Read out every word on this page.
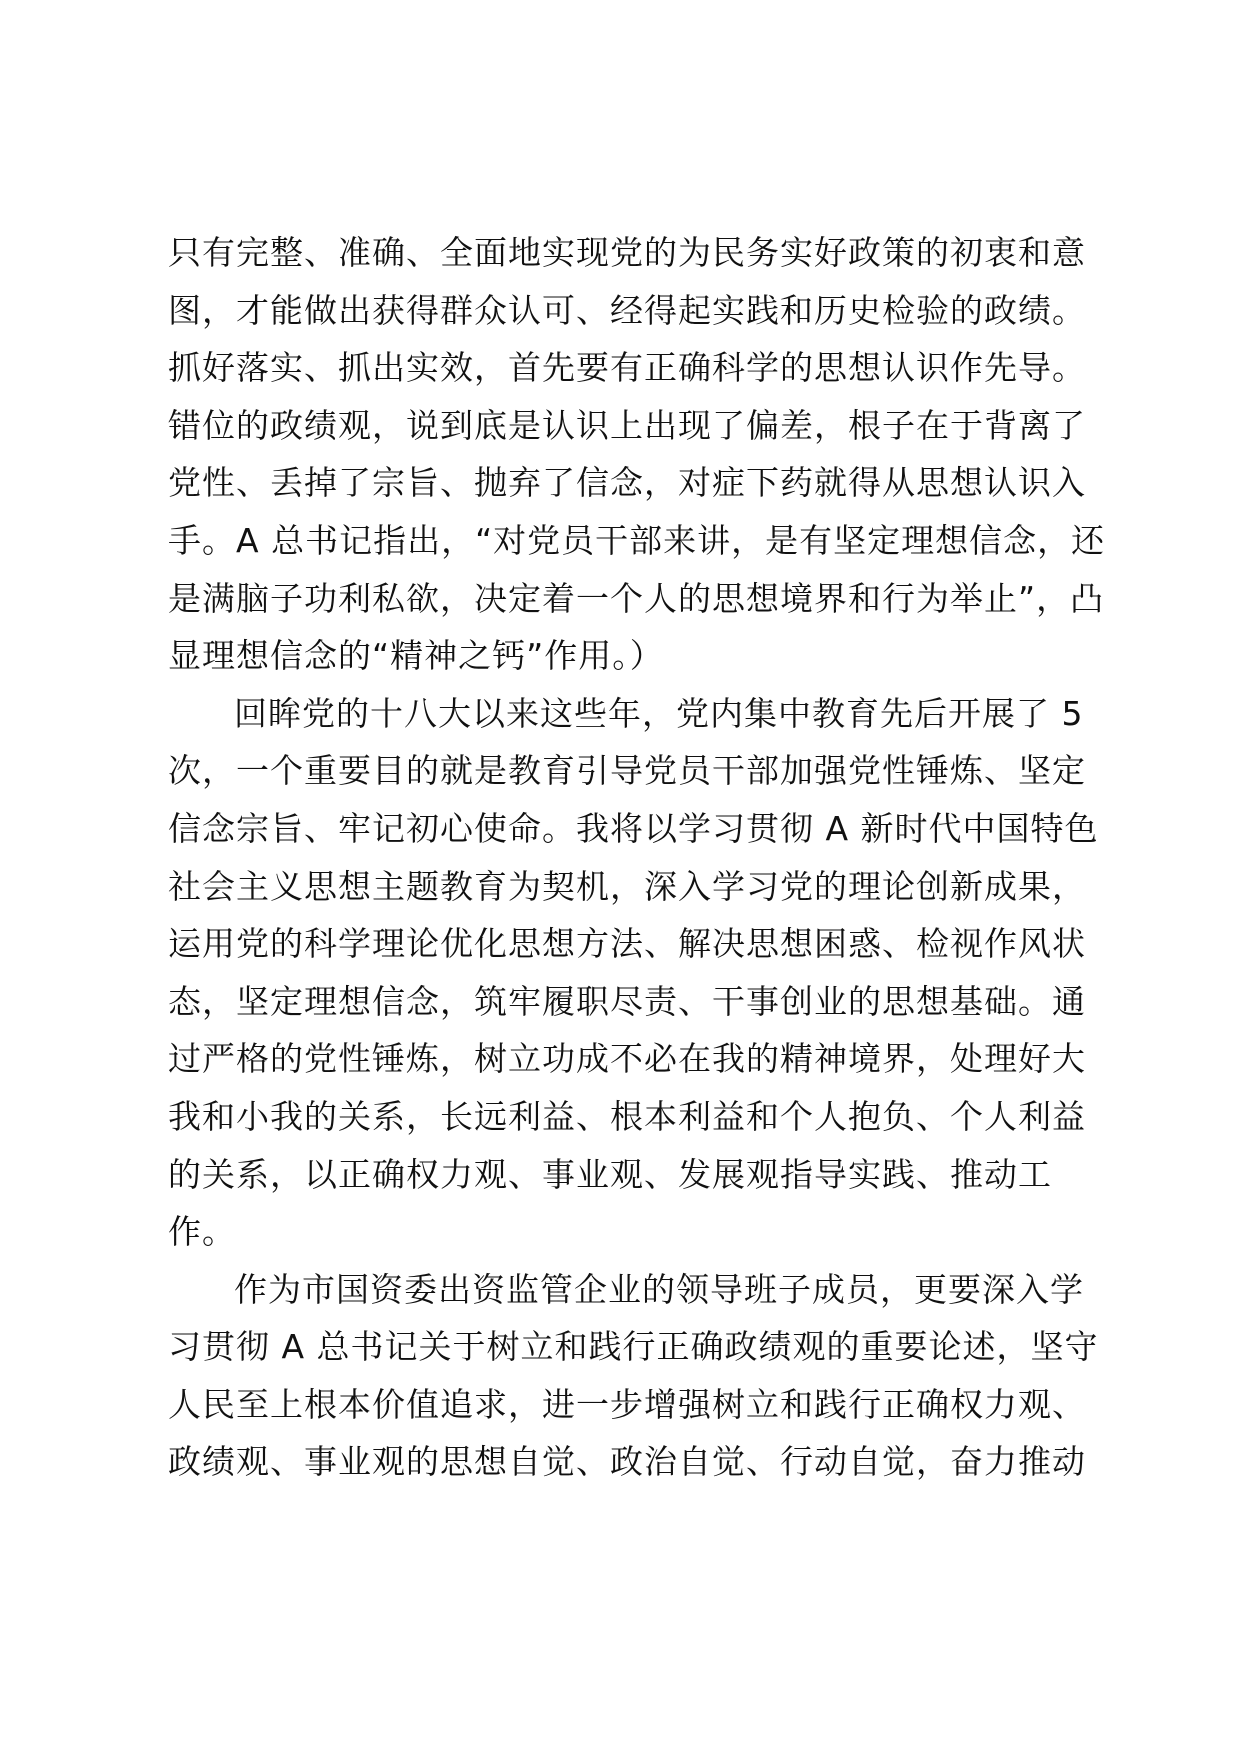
只有完整、准确、全面地实现党的为民务实好政策的初衷和意
图，才能做出获得群众认可、经得起实践和历史检验的政绩。
抓好落实、抓出实效，首先要有正确科学的思想认识作先导。
错位的政绩观，说到底是认识上出现了偏差，根子在于背离了
党性、丢掉了宗旨、抛弃了信念，对症下药就得从思想认识入
手。A 总书记指出，“对党员干部来讲，是有坚定理想信念，还
是满脑子功利私欲，决定着一个人的思想境界和行为举止”，凸
显理想信念的“精神之钙”作用。）
回眸党的十八大以来这些年，党内集中教育先后开展了 5
次，一个重要目的就是教育引导党员干部加强党性锤炼、坚定
信念宗旨、牢记初心使命。我将以学习贯彻 A 新时代中国特色
社会主义思想主题教育为契机，深入学习党的理论创新成果，
运用党的科学理论优化思想方法、解决思想困惑、检视作风状
态，坚定理想信念，筑牢履职尽责、干事创业的思想基础。通
过严格的党性锤炼，树立功成不必在我的精神境界，处理好大
我和小我的关系，长远利益、根本利益和个人抱负、个人利益
的关系，以正确权力观、事业观、发展观指导实践、推动工
作。
作为市国资委出资监管企业的领导班子成员，更要深入学
习贯彻 A 总书记关于树立和践行正确政绩观的重要论述，坚守
人民至上根本价值追求，进一步增强树立和践行正确权力观、
政绩观、事业观的思想自觉、政治自觉、行动自觉，奋力推动
